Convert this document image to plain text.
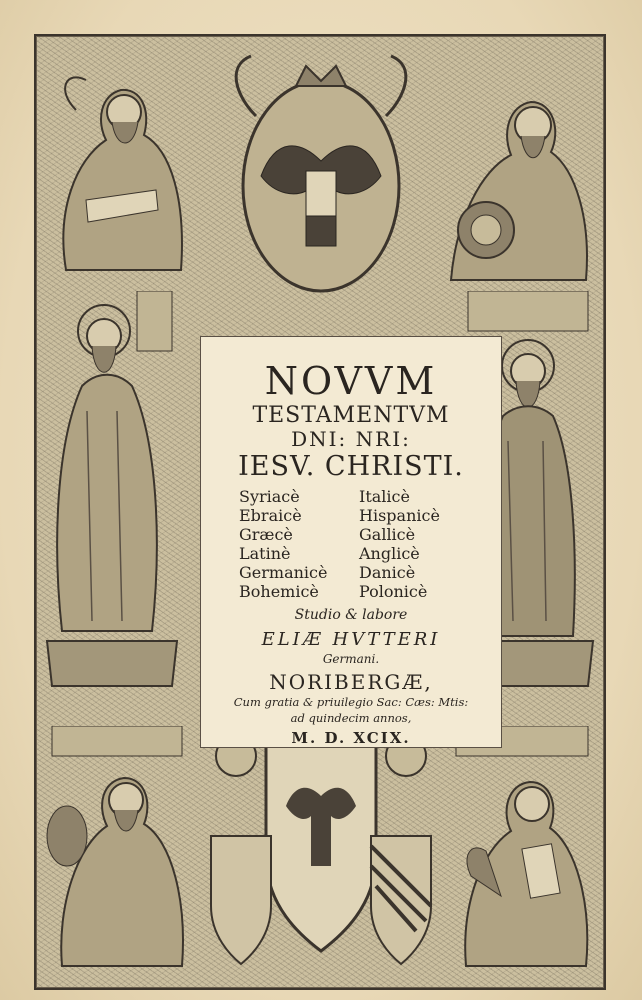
NOVVM
TESTAMENTVM
DNI: NRI:
IESV. CHRISTI.
Syriacè	Italicè
Ebraicè	Hispanicè
Græcè	Gallicè
Latinè	Anglicè
Germanicè	Danicè
Bohemicè	Polonicè
Studio & labore
ELIÆ HVTTERI
Germani.
NORIBERGÆ,
Cum gratia & priuilegio Sac: Cæs: Mtis:
ad quindecim annos,
M. D. XCIX.
